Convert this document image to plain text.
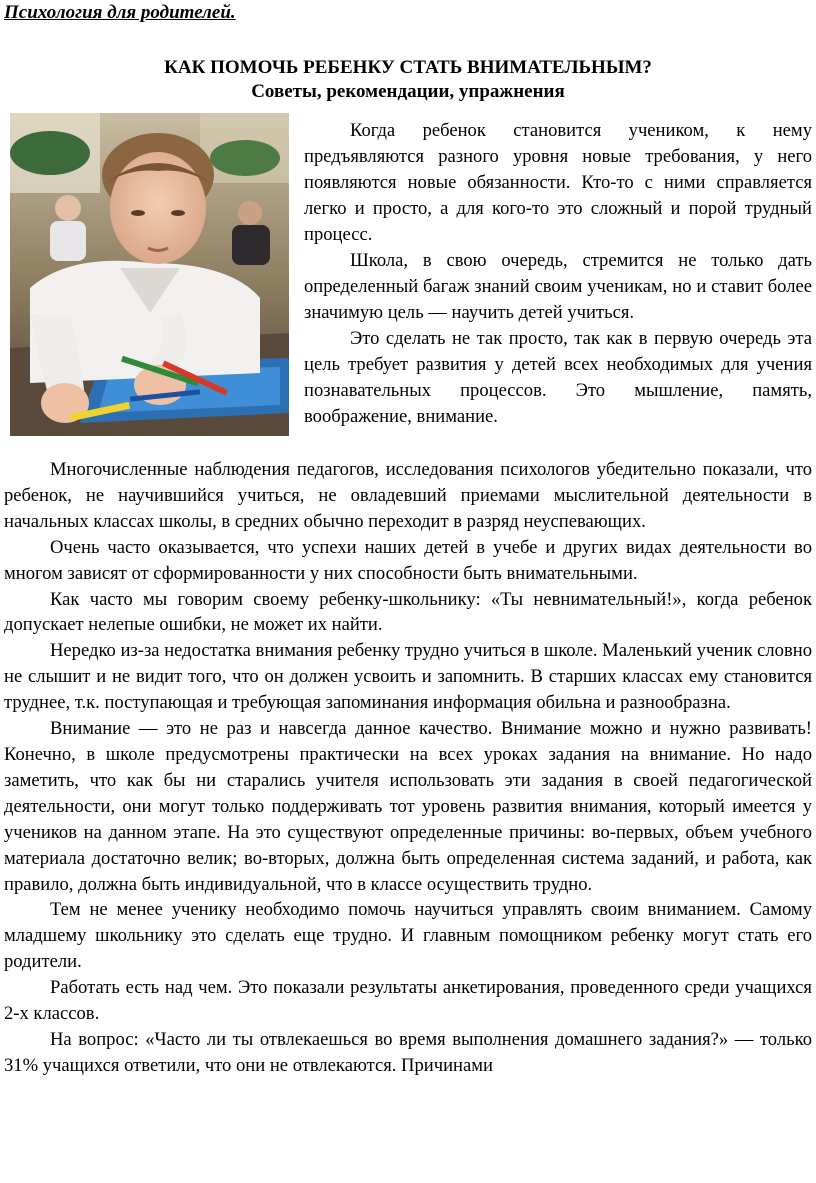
Психология для родителей.
КАК ПОМОЧЬ РЕБЕНКУ СТАТЬ ВНИМАТЕЛЬНЫМ?
Советы, рекомендации, упражнения

Когда ребенок становится учеником, к нему предъявляются разного уровня новые требования, у него появляются новые обязанности. Кто-то с ними справляется легко и просто, а для кого-то это сложный и порой трудный процесс.

Школа, в свою очередь, стремится не только дать определенный багаж знаний своим ученикам, но и ставит более значимую цель — научить детей учиться.

Это сделать не так просто, так как в первую очередь эта цель требует развития у детей всех необходимых для учения познавательных процессов. Это мышление, память, воображение, внимание.

Многочисленные наблюдения педагогов, исследования психологов убедительно показали, что ребенок, не научившийся учиться, не овладевший приемами мыслительной деятельности в начальных классах школы, в средних обычно переходит в разряд неуспевающих.

Очень часто оказывается, что успехи наших детей в учебе и других видах деятельности во многом зависят от сформированности у них способности быть внимательными.

Как часто мы говорим своему ребенку-школьнику: «Ты невнимательный!», когда ребенок допускает нелепые ошибки, не может их найти.

Нередко из-за недостатка внимания ребенку трудно учиться в школе. Маленький ученик словно не слышит и не видит того, что он должен усвоить и запомнить. В старших классах ему становится труднее, т.к. поступающая и требующая запоминания информация обильна и разнообразна.

Внимание — это не раз и навсегда данное качество. Внимание можно и нужно развивать! Конечно, в школе предусмотрены практически на всех уроках задания на внимание. Но надо заметить, что как бы ни старались учителя использовать эти задания в своей педагогической деятельности, они могут только поддерживать тот уровень развития внимания, который имеется у учеников на данном этапе. На это существуют определенные причины: во-первых, объем учебного материала достаточно велик; во-вторых, должна быть определенная система заданий, и работа, как правило, должна быть индивидуальной, что в классе осуществить трудно.

Тем не менее ученику необходимо помочь научиться управлять своим вниманием. Самому младшему школьнику это сделать еще трудно. И главным помощником ребенку могут стать его родители.

Работать есть над чем. Это показали результаты анкетирования, проведенного среди учащихся 2-х классов.

На вопрос: «Часто ли ты отвлекаешься во время выполнения домашнего задания?» — только 31% учащихся ответили, что они не отвлекаются. Причинами
